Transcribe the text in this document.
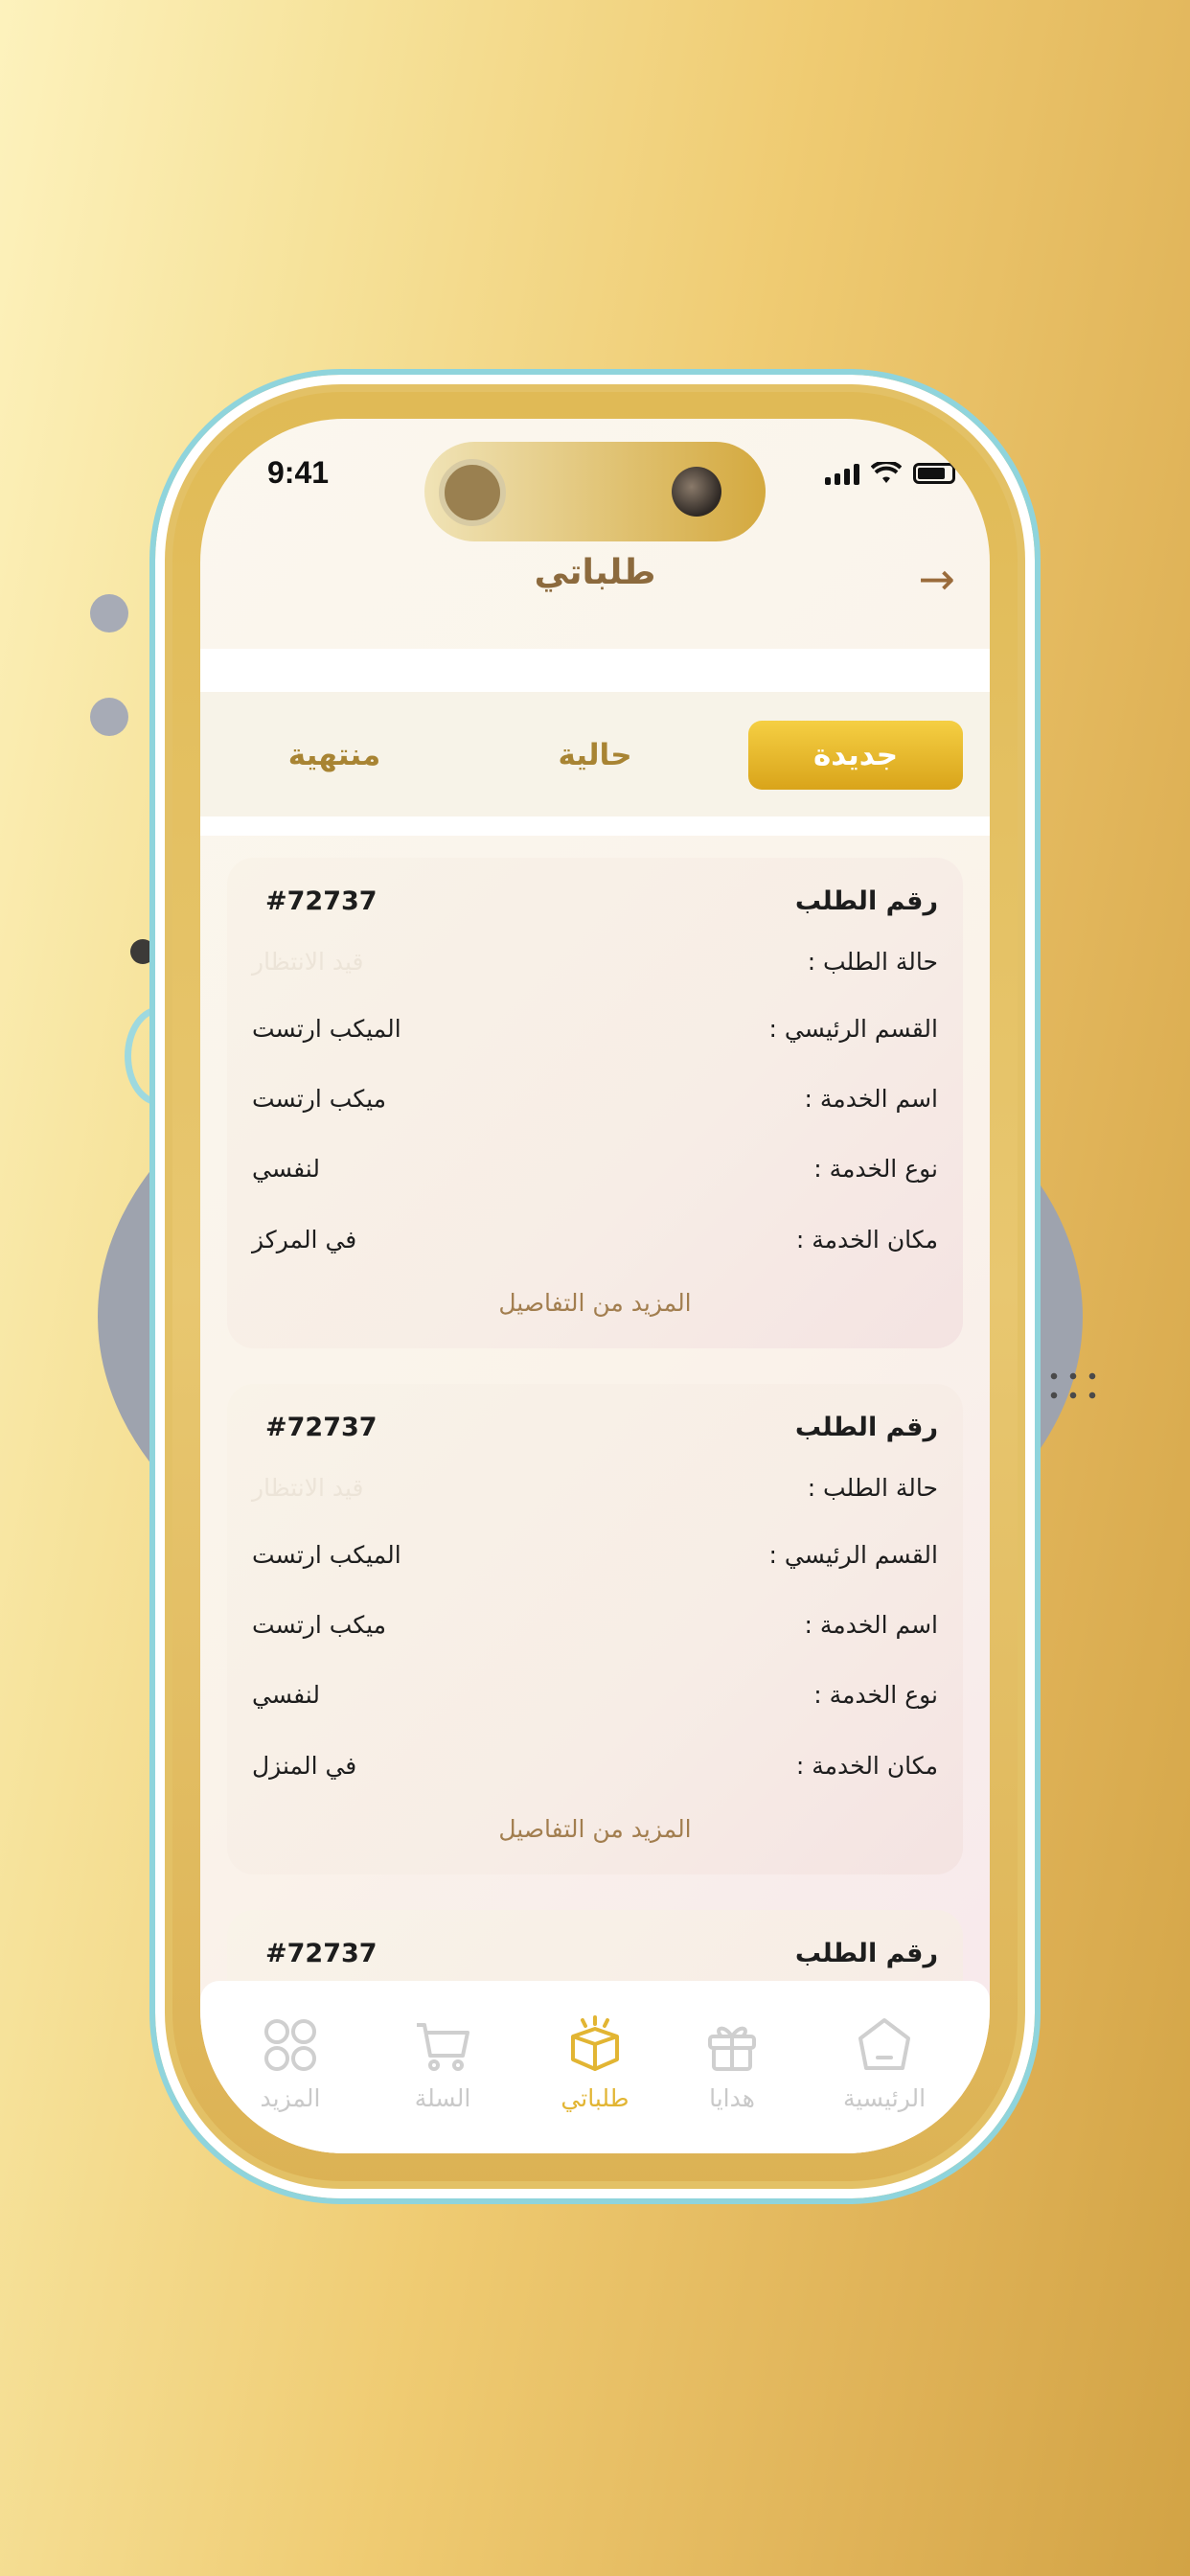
9:41
طلباتي	→
جديدة
حالية
منتهية
رقم الطلب
#72737
حالة الطلب :
قيد الانتظار
القسم الرئيسي :
الميكب ارتست
اسم الخدمة :
ميكب ارتست
نوع الخدمة :
لنفسي
مكان الخدمة :
في المركز
المزيد من التفاصيل
رقم الطلب
#72737
حالة الطلب :
قيد الانتظار
القسم الرئيسي :
الميكب ارتست
اسم الخدمة :
ميكب ارتست
نوع الخدمة :
لنفسي
مكان الخدمة :
في المنزل
المزيد من التفاصيل
رقم الطلب
#72737
الرئيسية
هدايا
طلباتي
السلة
المزيد
